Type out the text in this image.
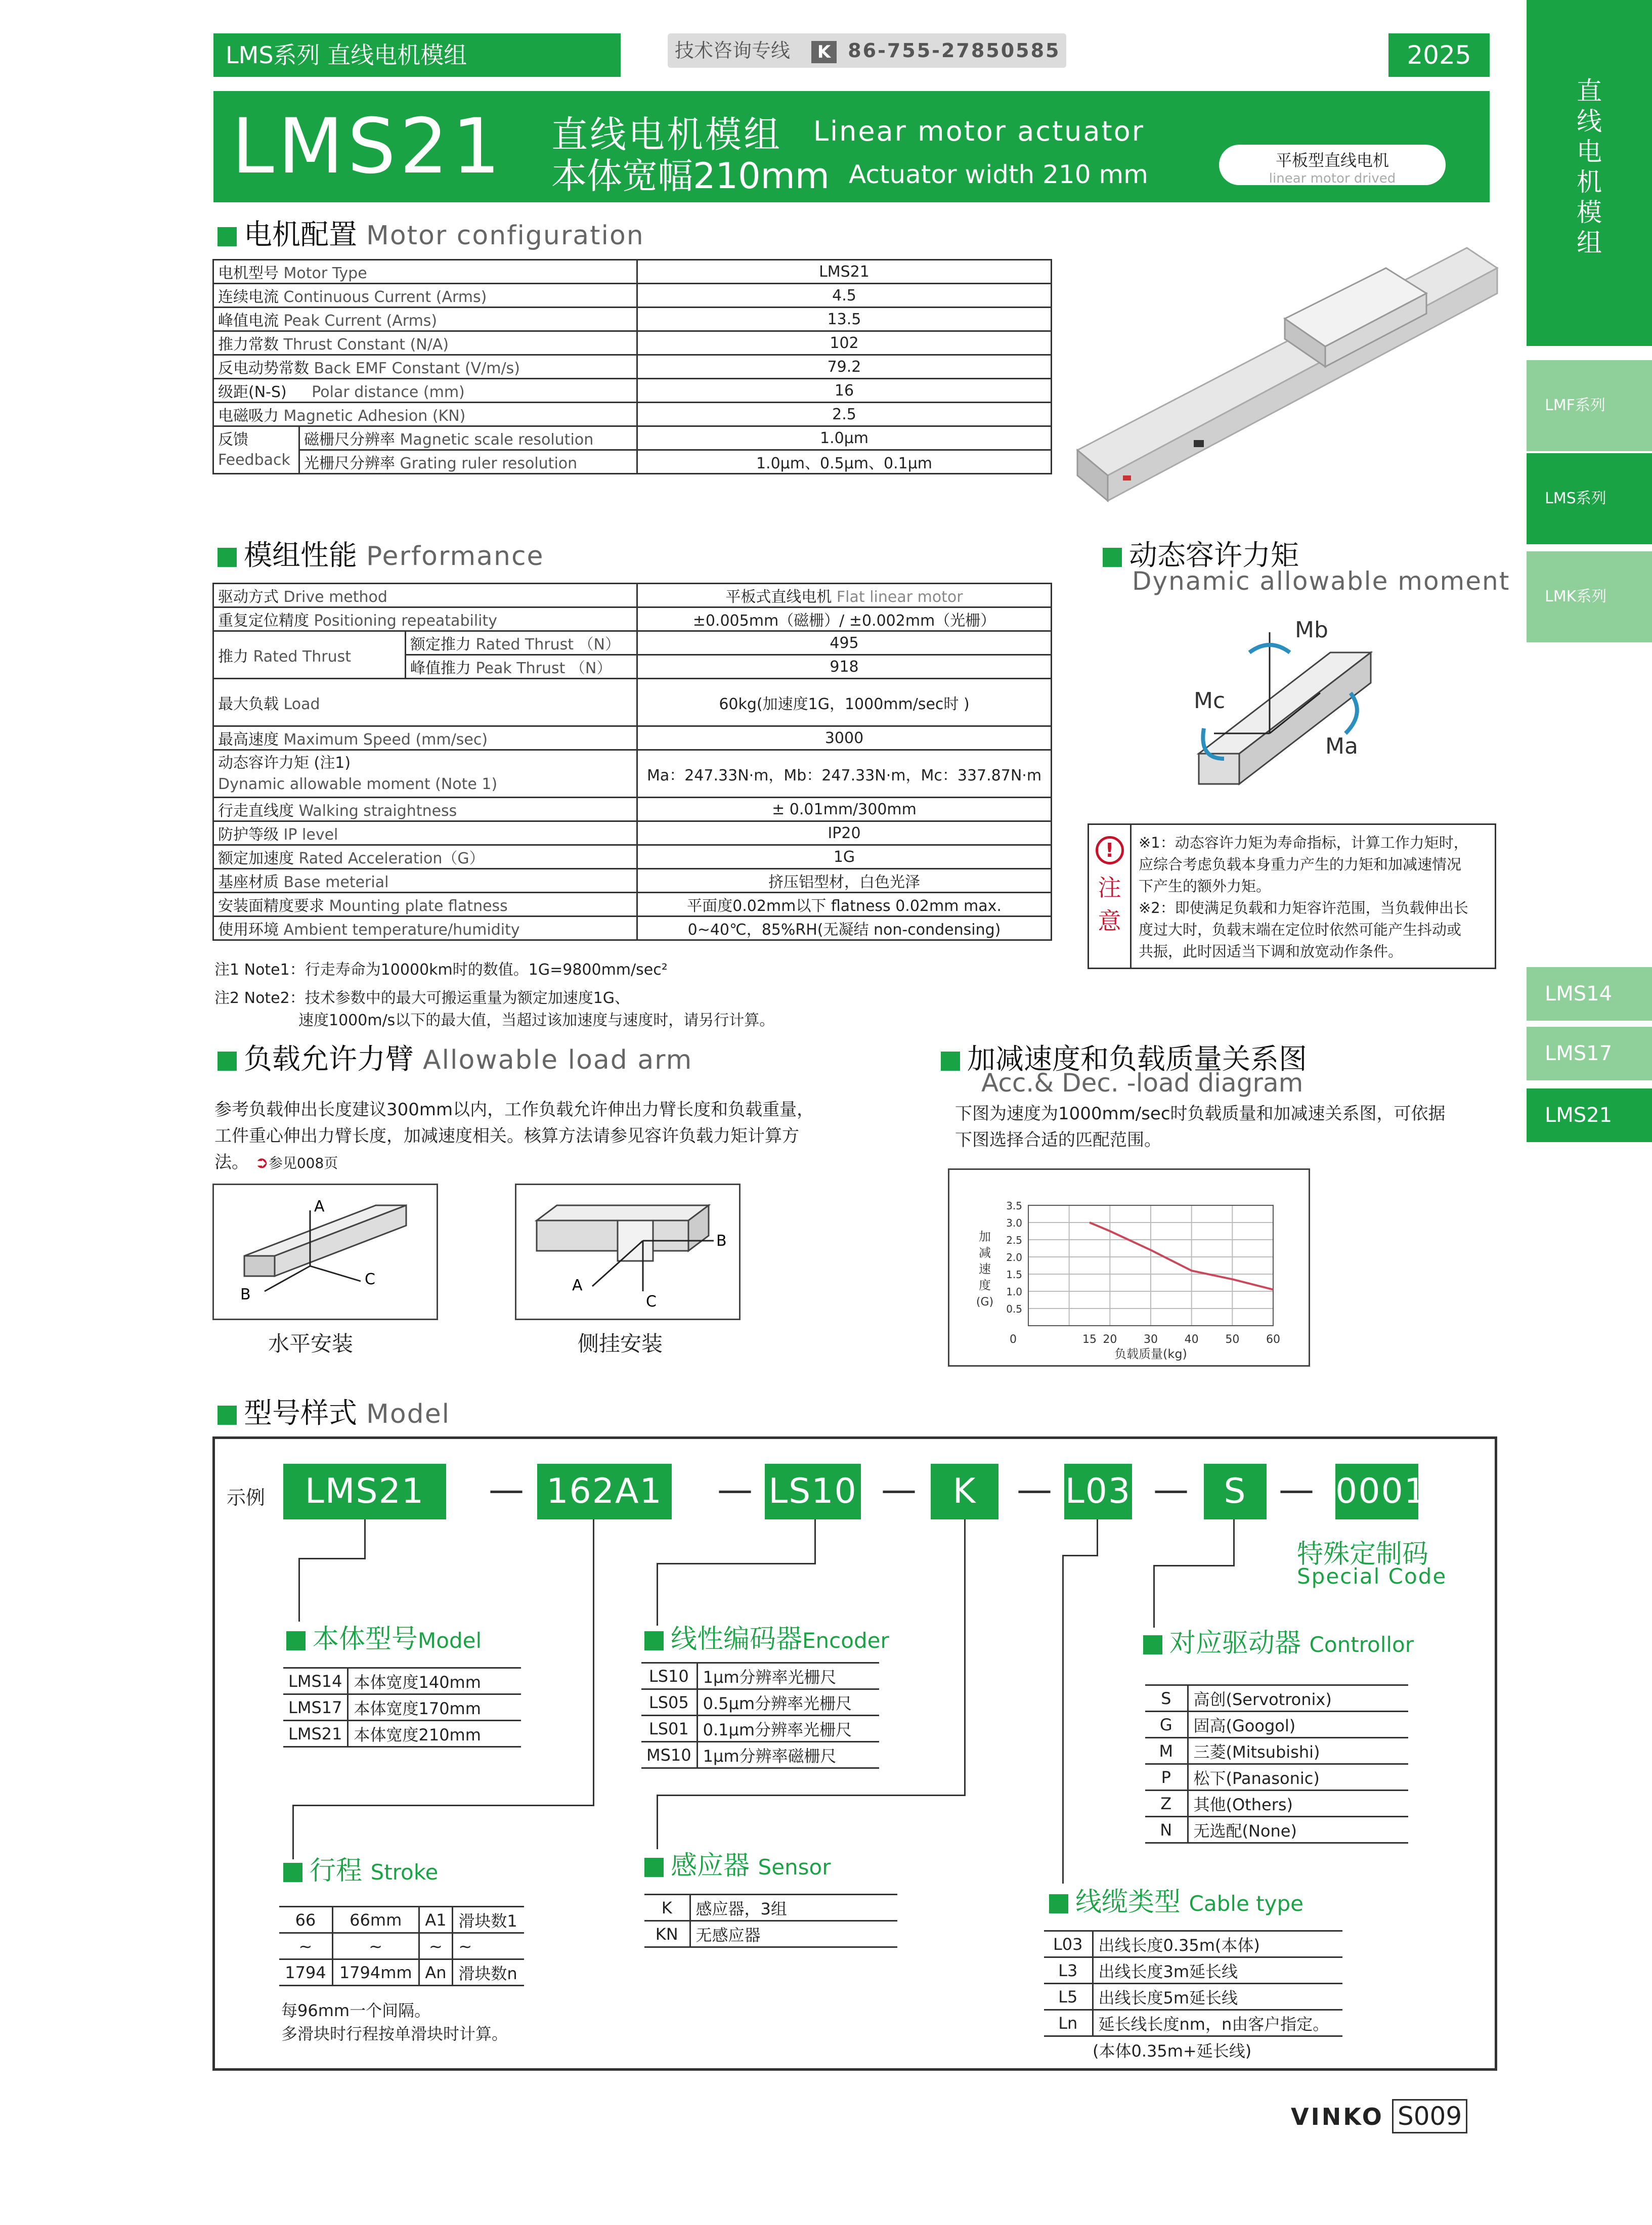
LMS系列 直线电机模组	技术咨询专线 K 86-755-27850585	2025
LMS21 直线电机模组 Linear motor actuator
本体宽幅210mm Actuator width 210 mm	平板型直线电机
linear motor drived
直
线
电
机
模
组
LMF系列
LMS系列
LMK系列
LMS14
LMS17
LMS21
电机配置 Motor configuration
电机型号 Motor Type		LMS21
连续电流 Continuous Current (Arms)		4.5
峰值电流 Peak Current (Arms)		13.5
推力常数 Thrust Constant (N/A)		102
反电动势常数 Back EMF Constant (V/m/s)		79.2
级距(N-S) Polar distance (mm)		16
电磁吸力 Magnetic Adhesion (KN)		2.5

反馈
Feedback	磁栅尺分辨率 Magnetic scale resolution	1.0μm
	光栅尺分辨率 Grating ruler resolution	1.0μm、0.5μm、0.1μm
模组性能 Performance
驱动方式 Drive method		平板式直线电机 Flat linear motor
重复定位精度 Positioning repeatability		±0.005mm（磁栅）/ ±0.002mm（光栅）
推力 Rated Thrust	额定推力 Rated Thrust （N）	495
	峰值推力 Peak Thrust （N）	918
最大负载 Load		60kg(加速度1G，1000mm/sec时 )
最高速度 Maximum Speed (mm/sec)		3000

动态容许力矩 (注1)
Dynamic allowable moment (Note 1)		Ma：247.33N·m，Mb：247.33N·m，Mc：337.87N·m
行走直线度 Walking straightness		± 0.01mm/300mm
防护等级 IP level		IP20
额定加速度 Rated Acceleration（G）		1G
基座材质 Base meterial		挤压铝型材，白色光泽
安装面精度要求 Mounting plate flatness		平面度0.02mm以下 flatness 0.02mm max.
使用环境 Ambient temperature/humidity		0~40℃，85%RH(无凝结 non-condensing)
注1 Note1：行走寿命为10000km时的数值。1G=9800mm/sec²
注2 Note2：技术参数中的最大可搬运重量为额定加速度1G、
速度1000m/s以下的最大值，当超过该加速度与速度时，请另行计算。
动态容许力矩
Dynamic allowable moment
Mb
Mc
Ma
!
注
意
※1：动态容许力矩为寿命指标，计算工作力矩时，
应综合考虑负载本身重力产生的力矩和加减速情况
下产生的额外力矩。
※2：即使满足负载和力矩容许范围，当负载伸出长
度过大时，负载末端在定位时依然可能产生抖动或
共振，此时因适当下调和放宽动作条件。
负载允许力臂 Allowable load arm
参考负载伸出长度建议300mm以内，工作负载允许伸出力臂长度和负载重量，
工件重心伸出力臂长度，加减速度相关。核算方法请参见容许负载力矩计算方
法。 ➲参见008页
A
C
B
水平安装
B
C
A
侧挂安装
加减速度和负载质量关系图
Acc.& Dec. -load diagram
下图为速度为1000mm/sec时负载质量和加减速关系图，可依据
下图选择合适的匹配范围。
0.5
1.0
1.5
2.0
2.5
3.0
3.5
0	15 20 30 40 50 60
负载质量(kg)
加
减
速
度
(G)
型号样式 Model
示例	LMS21	— 162A1 — LS10 —	K	— L03 —	S — 0001
特殊定制码
Special Code
本体型号Model
LMS14	本体宽度140mm
LMS17	本体宽度170mm
LMS21	本体宽度210mm
线性编码器Encoder
LS10	1μm分辨率光栅尺
LS05	0.5μm分辨率光栅尺
LS01	0.1μm分辨率光栅尺
MS10	1μm分辨率磁栅尺
对应驱动器 Controllor
S	高创(Servotronix)
G	固高(Googol)
M	三菱(Mitsubishi)
P	松下(Panasonic)
Z	其他(Others)
N	无选配(None)
行程 Stroke
66	66mm	A1	滑块数1
~	~	~	~
1794	1794mm	An	滑块数n
每96mm一个间隔。
多滑块时行程按单滑块时计算。
感应器 Sensor
K	感应器，3组
KN	无感应器
线缆类型 Cable type
L03	出线长度0.35m(本体)
L3	出线长度3m延长线
L5	出线长度5m延长线
Ln	延长线长度nm，n由客户指定。
(本体0.35m+延长线)
VINKO S009
